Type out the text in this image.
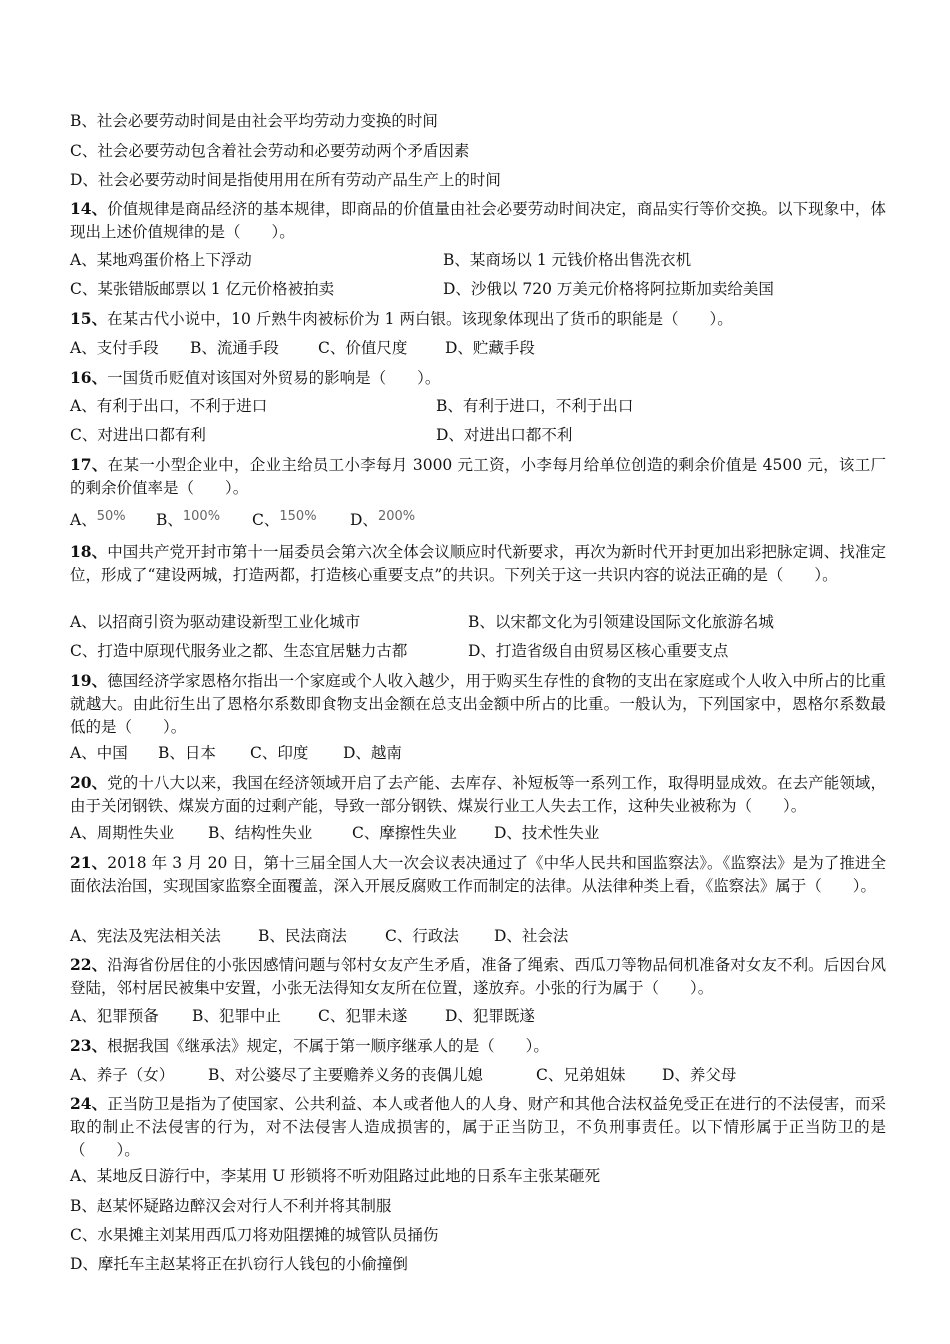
B、社会必要劳动时间是由社会平均劳动力变换的时间
C、社会必要劳动包含着社会劳动和必要劳动两个矛盾因素
D、社会必要劳动时间是指使用用在所有劳动产品生产上的时间
14、价值规律是商品经济的基本规律，即商品的价值量由社会必要劳动时间决定，商品实行等价交换。以下现象中，体现出上述价值规律的是（　　）。
A、某地鸡蛋价格上下浮动	B、某商场以 1 元钱价格出售洗衣机
C、某张错版邮票以 1 亿元价格被拍卖	D、沙俄以 720 万美元价格将阿拉斯加卖给美国
15、在某古代小说中，10 斤熟牛肉被标价为 1 两白银。该现象体现出了货币的职能是（　　）。
A、支付手段 B、流通手段	C、价值尺度 D、贮藏手段
16、一国货币贬值对该国对外贸易的影响是（　　）。
A、有利于出口，不利于进口	B、有利于进口，不利于出口
C、对进出口都有利	D、对进出口都不利
17、在某一小型企业中，企业主给员工小李每月 3000 元工资，小李每月给单位创造的剩余价值是 4500 元，该工厂的剩余价值率是（　　）。
A、50% B、100% C、150% D、200%
18、中国共产党开封市第十一届委员会第六次全体会议顺应时代新要求，再次为新时代开封更加出彩把脉定调、找准定位，形成了“建设两城，打造两都，打造核心重要支点”的共识。下列关于这一共识内容的说法正确的是（　　）。
A、以招商引资为驱动建设新型工业化城市	B、以宋都文化为引领建设国际文化旅游名城
C、打造中原现代服务业之都、生态宜居魅力古都	D、打造省级自由贸易区核心重要支点
19、德国经济学家恩格尔指出一个家庭或个人收入越少，用于购买生存性的食物的支出在家庭或个人收入中所占的比重就越大。由此衍生出了恩格尔系数即食物支出金额在总支出金额中所占的比重。一般认为，下列国家中，恩格尔系数最低的是（　　）。
A、中国 B、日本 C、印度 D、越南
20、党的十八大以来，我国在经济领域开启了去产能、去库存、补短板等一系列工作，取得明显成效。在去产能领域，由于关闭钢铁、煤炭方面的过剩产能，导致一部分钢铁、煤炭行业工人失去工作，这种失业被称为（　　）。
A、周期性失业 B、结构性失业	C、摩擦性失业 D、技术性失业
21、2018 年 3 月 20 日，第十三届全国人大一次会议表决通过了《中华人民共和国监察法》。《监察法》是为了推进全面依法治国，实现国家监察全面覆盖，深入开展反腐败工作而制定的法律。从法律种类上看，《监察法》属于（　　）。
A、宪法及宪法相关法 B、民法商法 C、行政法 D、社会法
22、沿海省份居住的小张因感情问题与邻村女友产生矛盾，准备了绳索、西瓜刀等物品伺机准备对女友不利。后因台风登陆，邻村居民被集中安置，小张无法得知女友所在位置，遂放弃。小张的行为属于（　　）。
A、犯罪预备 B、犯罪中止 C、犯罪未遂 D、犯罪既遂
23、根据我国《继承法》规定，不属于第一顺序继承人的是（　　）。
A、养子（女） B、对公婆尽了主要赡养义务的丧偶儿媳	C、兄弟姐妹 D、养父母
24、正当防卫是指为了使国家、公共利益、本人或者他人的人身、财产和其他合法权益免受正在进行的不法侵害，而采取的制止不法侵害的行为，对不法侵害人造成损害的，属于正当防卫，不负刑事责任。以下情形属于正当防卫的是（　　）。
A、某地反日游行中，李某用 U 形锁将不听劝阻路过此地的日系车主张某砸死
B、赵某怀疑路边醉汉会对行人不利并将其制服
C、水果摊主刘某用西瓜刀将劝阻摆摊的城管队员捅伤
D、摩托车主赵某将正在扒窃行人钱包的小偷撞倒
